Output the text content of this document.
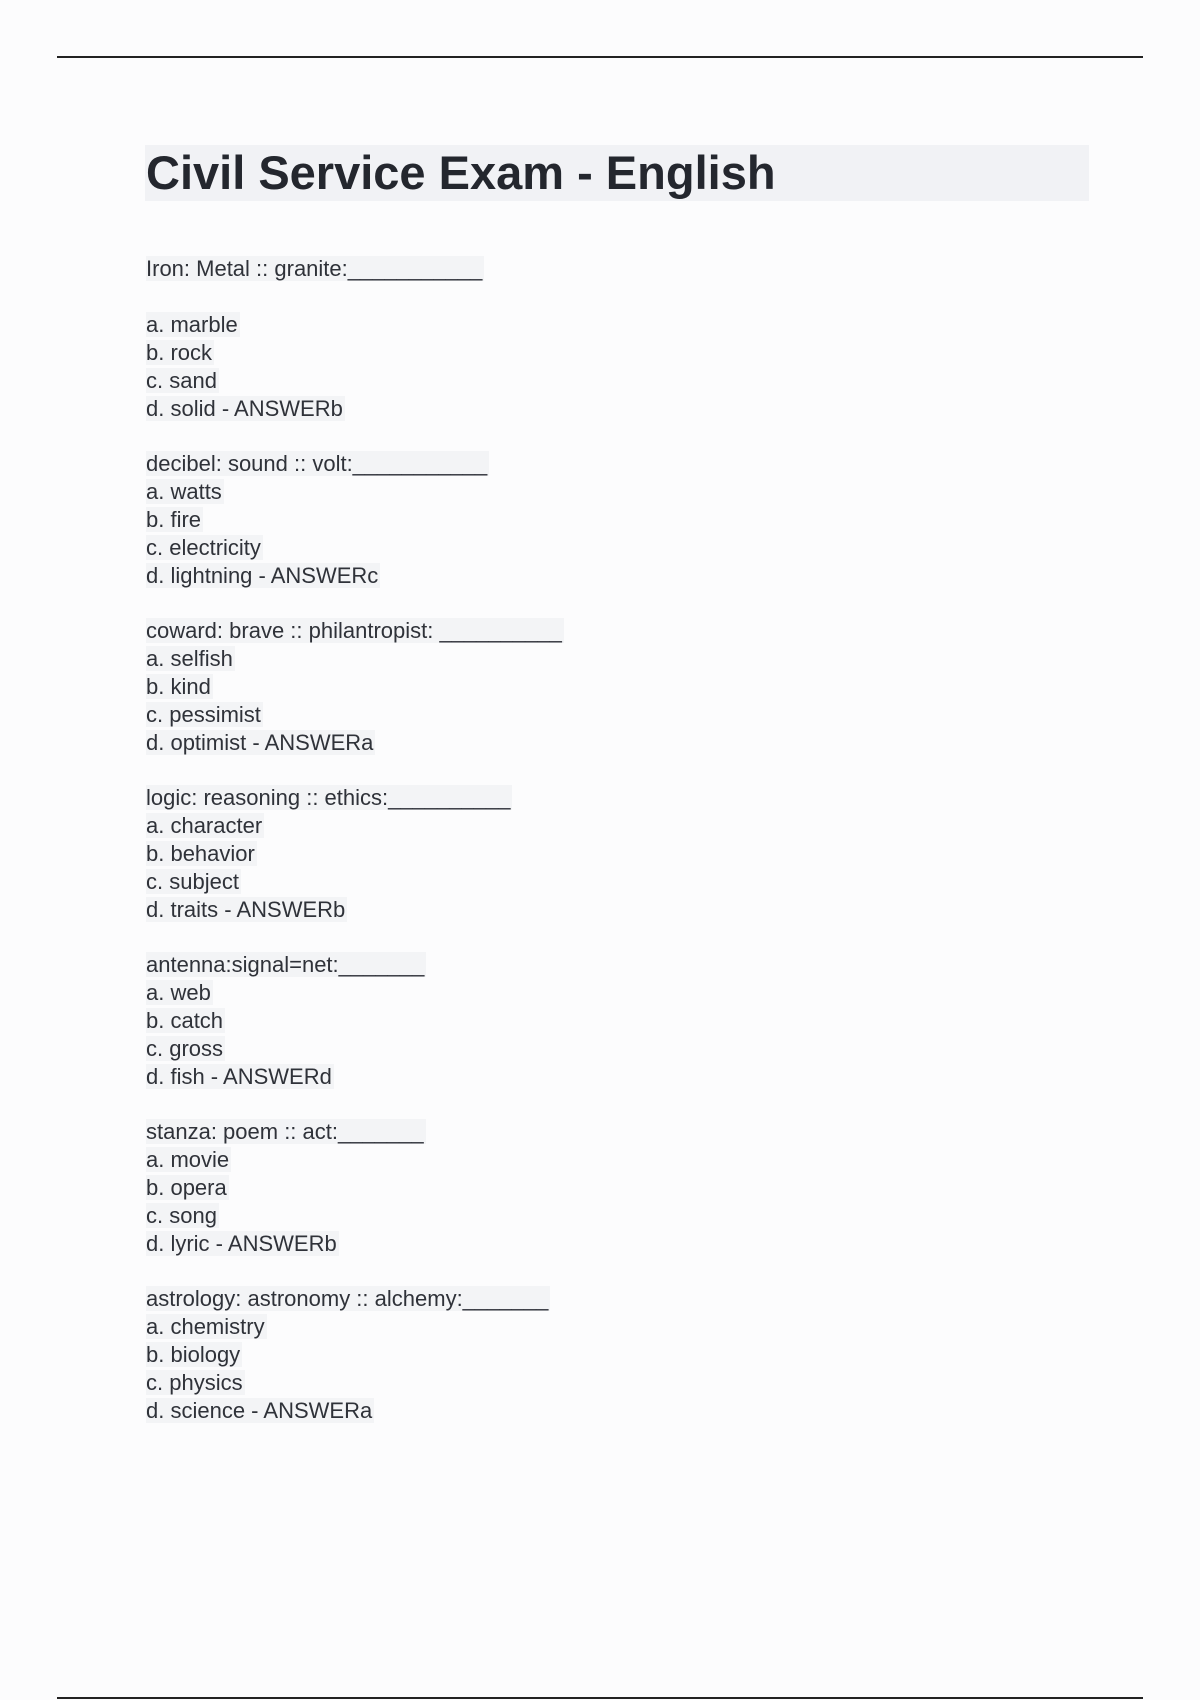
Civil Service Exam - English
Iron: Metal :: granite:___________
a. marble
b. rock
c. sand
d. solid - ANSWERb
decibel: sound :: volt:___________
a. watts
b. fire
c. electricity
d. lightning - ANSWERc
coward: brave :: philantropist: __________
a. selfish
b. kind
c. pessimist
d. optimist - ANSWERa
logic: reasoning :: ethics:__________
a. character
b. behavior
c. subject
d. traits - ANSWERb
antenna:signal=net:_______
a. web
b. catch
c. gross
d. fish - ANSWERd
stanza: poem :: act:_______
a. movie
b. opera
c. song
d. lyric - ANSWERb
astrology: astronomy :: alchemy:_______
a. chemistry
b. biology
c. physics
d. science - ANSWERa
